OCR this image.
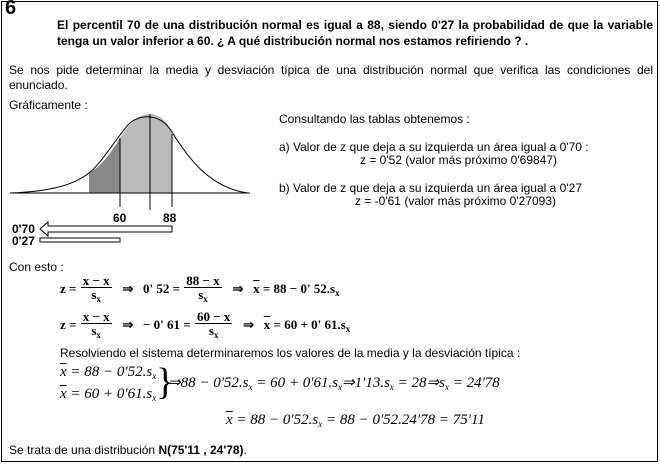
6
El percentil 70 de una distribución normal es igual a 88, siendo 0'27 la probabilidad de que la variable tenga un valor inferior a 60. ¿ A qué distribución normal nos estamos refiriendo ? .
Se nos pide determinar la media y desviación típica de una distribución normal que verifica las condiciones del enunciado.
Gráficamente :
60	88
0'70
0'27
Consultando las tablas obtenemos :
a) Valor de z que deja a su izquierda un área igual a 0'70 :
z = 0'52 (valor más próximo 0'69847)
b) Valor de z que deja a su izquierda un área igual a 0'27
z = -0'61 (valor más próximo 0'27093)
Con esto :
$z = \frac{x - x}{s_x}$ ⇒ 0' $52 = \frac{88 - x}{s_x}$ ⇒ $\overline{x} = 88 - 0'$ $52.s_x$
$z = \frac{x - x}{s_x}$ ⇒ − 0' $61 = \frac{60 - x}{s_x}$ ⇒ $\overline{x} = 60 + 0'$ $61.s_x$
Resolviendo el sistema determinaremos los valores de la media y la desviación típica :
$\overline{x} = 88 - 0'52.s_x$
$\overline{x} = 60 + 0'61.s_x$ }
⇒88 − $0'52.s_x = 60$ + $0'61.s_x\Rightarrow 1'13.s_x$ = $28\Rightarrow s_x = 24'78$
$\overline{x} = 88 - 0'52.s_x = 88 - 0'52.24'78 = 75'11$
Se trata de una distribución N(75'11 , 24'78).
